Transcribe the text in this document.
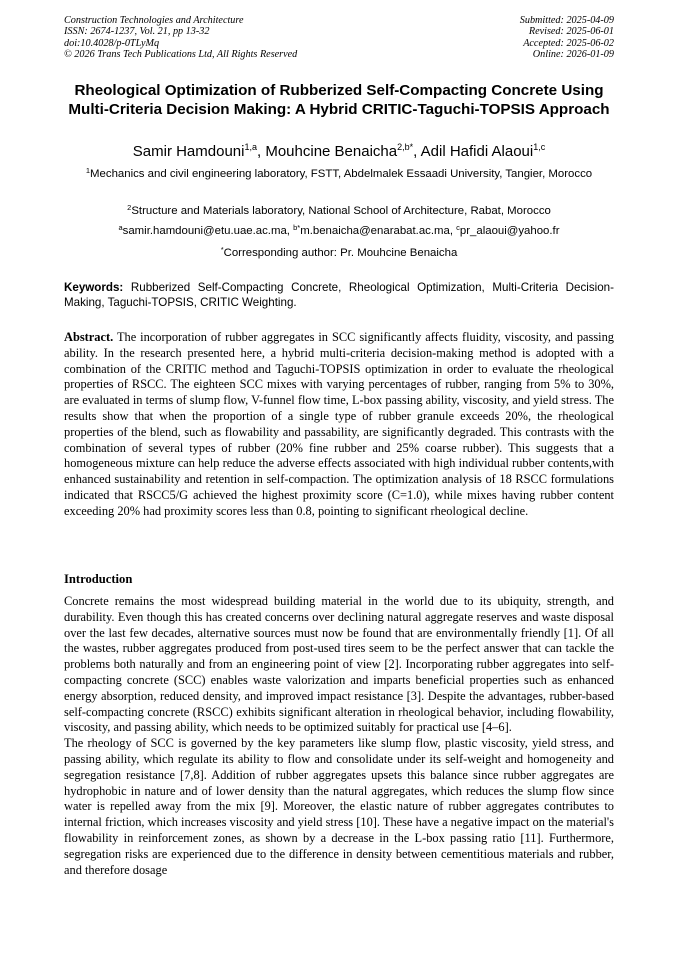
Construction Technologies and Architecture
ISSN: 2674-1237, Vol. 21, pp 13-32
doi:10.4028/p-0TLyMq
© 2026 Trans Tech Publications Ltd, All Rights Reserved
Submitted: 2025-04-09
Revised: 2025-06-01
Accepted: 2025-06-02
Online: 2026-01-09
Rheological Optimization of Rubberized Self-Compacting Concrete Using Multi-Criteria Decision Making: A Hybrid CRITIC-Taguchi-TOPSIS Approach
Samir Hamdouni$^{1,a}$, Mouhcine Benaicha$^{2,b*}$, Adil Hafidi Alaoui$^{1,c}$
$^1$Mechanics and civil engineering laboratory, FSTT, Abdelmalek Essaadi University, Tangier, Morocco
$^2$Structure and Materials laboratory, National School of Architecture, Rabat, Morocco
$^a$samir.hamdouni@etu.uae.ac.ma, $^{b*}$m.benaicha@enarabat.ac.ma, $^c$pr_alaoui@yahoo.fr
*Corresponding author: Pr. Mouhcine Benaicha
Keywords: Rubberized Self-Compacting Concrete, Rheological Optimization, Multi-Criteria Decision-Making, Taguchi-TOPSIS, CRITIC Weighting.
Abstract. The incorporation of rubber aggregates in SCC significantly affects fluidity, viscosity, and passing ability. In the research presented here, a hybrid multi-criteria decision-making method is adopted with a combination of the CRITIC method and Taguchi-TOPSIS optimization in order to evaluate the rheological properties of RSCC. The eighteen SCC mixes with varying percentages of rubber, ranging from 5% to 30%, are evaluated in terms of slump flow, V-funnel flow time, L-box passing ability, viscosity, and yield stress. The results show that when the proportion of a single type of rubber granule exceeds 20%, the rheological properties of the blend, such as flowability and passability, are significantly degraded. This contrasts with the combination of several types of rubber (20% fine rubber and 25% coarse rubber). This suggests that a homogeneous mixture can help reduce the adverse effects associated with high individual rubber contents,with enhanced sustainability and retention in self-compaction. The optimization analysis of 18 RSCC formulations indicated that RSCC5/G achieved the highest proximity score (C=1.0), while mixes having rubber content exceeding 20% had proximity scores less than 0.8, pointing to significant rheological decline.
Introduction

Concrete remains the most widespread building material in the world due to its ubiquity, strength, and durability. Even though this has created concerns over declining natural aggregate reserves and waste disposal over the last few decades, alternative sources must now be found that are environmentally friendly [1]. Of all the wastes, rubber aggregates produced from post-used tires seem to be the perfect answer that can tackle the problems both naturally and from an engineering point of view [2]. Incorporating rubber aggregates into self-compacting concrete (SCC) enables waste valorization and imparts beneficial properties such as enhanced energy absorption, reduced density, and improved impact resistance [3]. Despite the advantages, rubber-based self-compacting concrete (RSCC) exhibits significant alteration in rheological behavior, including flowability, viscosity, and passing ability, which needs to be optimized suitably for practical use [4–6].

The rheology of SCC is governed by the key parameters like slump flow, plastic viscosity, yield stress, and passing ability, which regulate its ability to flow and consolidate under its self-weight and homogeneity and segregation resistance [7,8]. Addition of rubber aggregates upsets this balance since rubber aggregates are hydrophobic in nature and of lower density than the natural aggregates, which reduces the slump flow since water is repelled away from the mix [9]. Moreover, the elastic nature of rubber aggregates contributes to internal friction, which increases viscosity and yield stress [10]. These have a negative impact on the material's flowability in reinforcement zones, as shown by a decrease in the L-box passing ratio [11]. Furthermore, segregation risks are experienced due to the difference in density between cementitious materials and rubber, and therefore dosage
